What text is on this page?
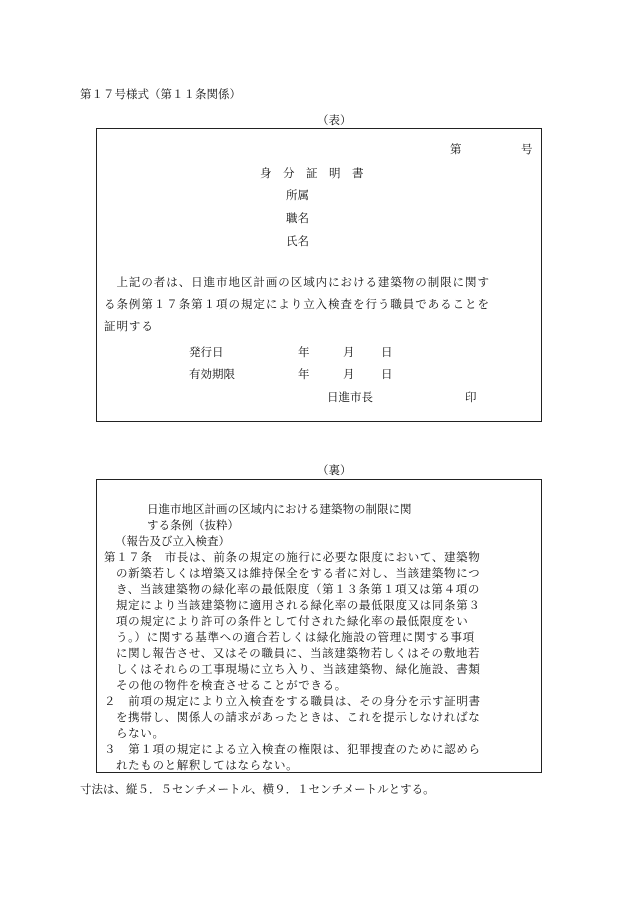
第１７号様式（第１１条関係）
（表）
第	号
身　分　証　明　書
所属
職名
氏名
　上記の者は、日進市地区計画の区域内における建築物の制限に関す
る条例第１７条第１項の規定により立入検査を行う職員であることを
証明する
発行日	年	月 日
有効期限	年	月 日
日進市長	印
（裏）
日進市地区計画の区域内における建築物の制限に関
する条例（抜粋）
（報告及び立入検査）
第１７条　市長は、前条の規定の施行に必要な限度において、建築物
の新築若しくは増築又は維持保全をする者に対し、当該建築物につ
き、当該建築物の緑化率の最低限度（第１３条第１項又は第４項の
規定により当該建築物に適用される緑化率の最低限度又は同条第３
項の規定により許可の条件として付された緑化率の最低限度をい
う。）に関する基準への適合若しくは緑化施設の管理に関する事項
に関し報告させ、又はその職員に、当該建築物若しくはその敷地若
しくはそれらの工事現場に立ち入り、当該建築物、緑化施設、書類
その他の物件を検査させることができる。
２　前項の規定により立入検査をする職員は、その身分を示す証明書
を携帯し、関係人の請求があったときは、これを提示しなければな
らない。
３　第１項の規定による立入検査の権限は、犯罪捜査のために認めら
れたものと解釈してはならない。
寸法は、縦５．５センチメートル、横９．１センチメートルとする。
